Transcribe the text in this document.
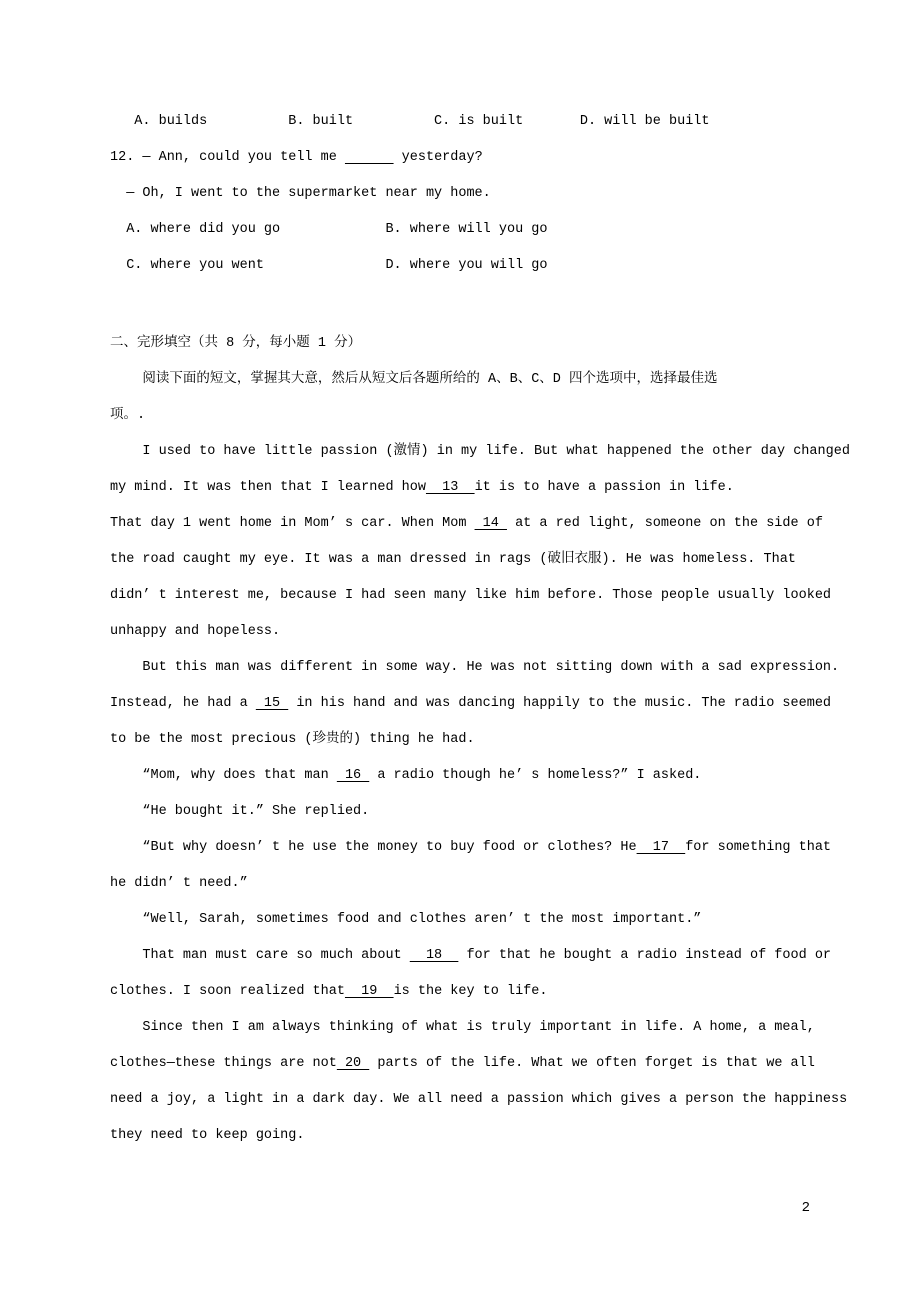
A. builds          B. built          C. is built       D. will be built
12. — Ann, could you tell me	yesterday?
— Oh, I went to the supermarket near my home.
A. where did you go             B. where will you go
C. where you went               D. where you will go
二、完形填空（共 8 分，每小题 1 分）
阅读下面的短文，掌握其大意，然后从短文后各题所给的 A、B、C、D 四个选项中，选择最佳选
项。.
I used to have little passion (激情) in my life. But what happened the other day changed
my mind. It was then that I learned how  13  it is to have a passion in life.
That day 1 went home in Mom’ s car. When Mom  14  at a red light, someone on the side of
the road caught my eye. It was a man dressed in rags (破旧衣服). He was homeless. That
didn’ t interest me, because I had seen many like him before. Those people usually looked
unhappy and hopeless.
But this man was different in some way. He was not sitting down with a sad expression.
Instead, he had a  15  in his hand and was dancing happily to the music. The radio seemed
to be the most precious (珍贵的) thing he had.
“Mom, why does that man  16  a radio though he’ s homeless?” I asked.
“He bought it.” She replied.
“But why doesn’ t he use the money to buy food or clothes? He  17  for something that
he didn’ t need.”
“Well, Sarah, sometimes food and clothes aren’ t the most important.”
That man must care so much about   18   for that he bought a radio instead of food or
clothes. I soon realized that  19  is the key to life.
Since then I am always thinking of what is truly important in life. A home, a meal,
clothes—these things are not 20  parts of the life. What we often forget is that we all
need a joy, a light in a dark day. We all need a passion which gives a person the happiness
they need to keep going.
2
